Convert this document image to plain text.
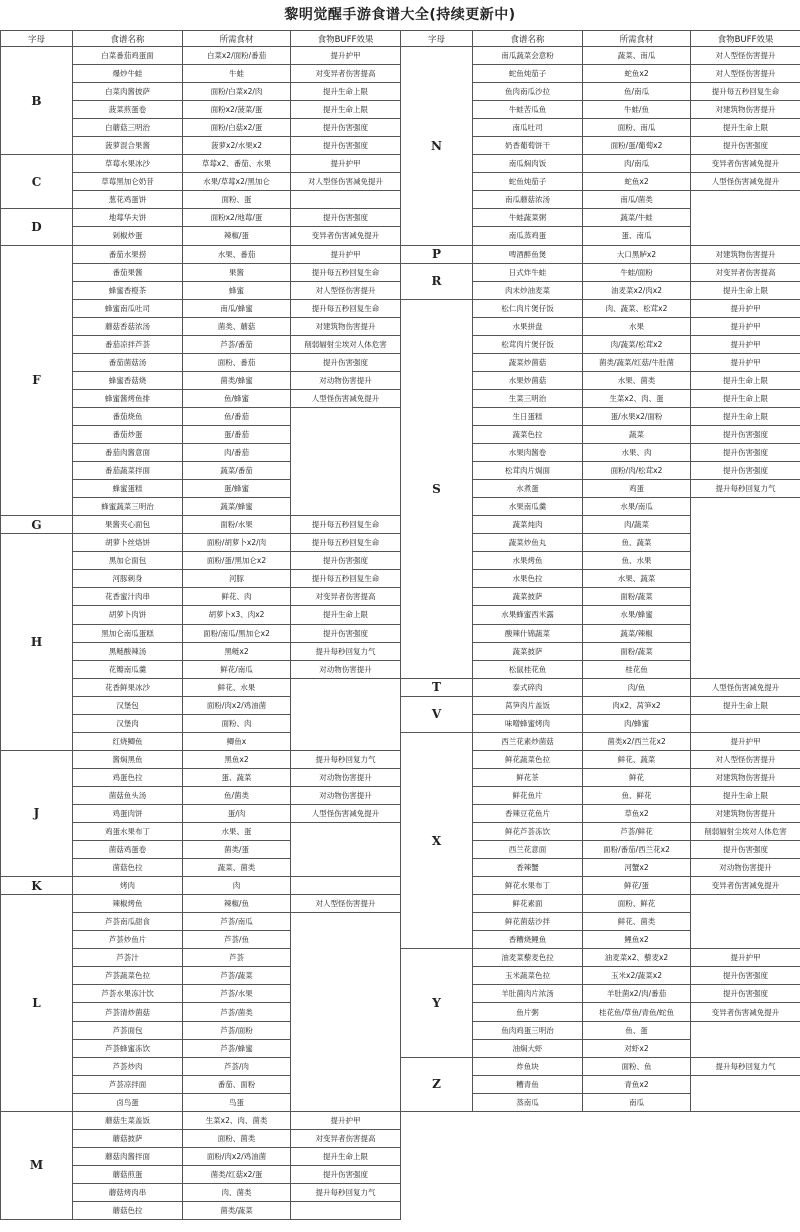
黎明觉醒手游食谱大全(持续更新中)
字母	食谱名称	所需食材	食物BUFF效果
B	白菜番茄鸡蛋面	白菜x2/面粉/番茄	提升护甲
	爆炒牛蛙	牛蛙	对变异者伤害提高
	白菜肉酱披萨	面粉/白菜x2/肉	提升生命上限
	菠菜煎蛋卷	面粉x2/菠菜/蛋	提升生命上限
	白蘑菇三明治	面粉/白菇x2/蛋	提升伤害强度
	菠萝混合果酱	菠萝x2/水果x2	提升伤害强度
C	草莓水果冰沙	草莓x2、番茄、水果	提升护甲
	草莓黑加仑奶昔	水果/草莓x2/黑加仑	对人型怪伤害减免提升
	葱花鸡蛋饼	面粉、蛋	
D	地莓华夫饼	面粉x2/地莓/蛋	提升伤害强度
	剁椒炒蛋	辣椒/蛋	变异者伤害减免提升
F	番茄水果捞	水果、番茄	提升护甲
	番茄果酱	果酱	提升每五秒回复生命
	蜂蜜香橙茶	蜂蜜	对人型怪伤害提升
	蜂蜜南瓜吐司	南瓜/蜂蜜	提升每五秒回复生命
	蘑菇香菇浓汤	菌类、蘑菇	对建筑物伤害提升
	番茄凉拌芦荟	芦荟/番茄	削弱辐射尘埃对人体危害
	番茄菌菇汤	面粉、番茄	提升伤害强度
	蜂蜜香菇烧	菌类/蜂蜜	对动物伤害提升
	蜂蜜酱烤鱼排	鱼/蜂蜜	人型怪伤害减免提升
	番茄烧鱼	鱼/番茄	
	番茄炒蛋	蛋/番茄	
	番茄肉酱意面	肉/番茄	
	番茄蔬菜拌面	蔬菜/番茄	
	蜂蜜蛋糕	蛋/蜂蜜	
	蜂蜜蔬菜三明治	蔬菜/蜂蜜	
G	果酱夹心面包	面粉/水果	提升每五秒回复生命
H	胡萝卜丝烙饼	面粉/胡萝卜x2/肉	提升每五秒回复生命
	黑加仑面包	面粉/蛋/黑加仑x2	提升伤害强度
	河豚刺身	河豚	提升每五秒回复生命
	花香蜜汁肉串	鲜花、肉	对变异者伤害提高
	胡萝卜肉饼	胡萝卜x3、肉x2	提升生命上限
	黑加仑南瓜蛋糕	面粉/南瓜/黑加仑x2	提升伤害强度
	黑鲢酸辣汤	黑鲢x2	提升每秒回复力气
	花瓣南瓜羹	鲜花/南瓜	对动物伤害提升
	花香鲜果冰沙	鲜花、水果	
	汉堡包	面粉/肉x2/鸡油菌	
	汉堡肉	面粉、肉	
	红烧鲫鱼	鲫鱼x	
J	酱焖黑鱼	黑鱼x2	提升每秒回复力气
	鸡蛋色拉	蛋、蔬菜	对动物伤害提升
	菌菇鱼头汤	鱼/菌类	对动物伤害提升
	鸡蛋肉饼	蛋/肉	人型怪伤害减免提升
	鸡蛋水果布丁	水果、蛋	
	菌菇鸡蛋卷	菌类/蛋	
	菌菇色拉	蔬菜、菌类	
K	烤肉	肉	
L	辣椒烤鱼	辣椒/鱼	对人型怪伤害提升
	芦荟南瓜甜食	芦荟/南瓜	
	芦荟炒鱼片	芦荟/鱼	
	芦荟汁	芦荟	
	芦荟蔬菜色拉	芦荟/蔬菜	
	芦荟水果冻汁饮	芦荟/水果	
	芦荟清炒菌菇	芦荟/菌类	
	芦荟面包	芦荟/面粉	
	芦荟蜂蜜冻饮	芦荟/蜂蜜	
	芦荟炒肉	芦荟/肉	
	芦荟凉拌面	番茄、面粉	
	卤鸟蛋	鸟蛋	
M	蘑菇生菜盖饭	生菜x2、肉、菌类	提升护甲
	蘑菇披萨	面粉、菌类	对变异者伤害提高
	蘑菇肉酱拌面	面粉/肉x2/鸡油菌	提升生命上限
	蘑菇煎蛋	菌类/红菇x2/蛋	提升伤害强度
	蘑菇烤肉串	肉、菌类	提升每秒回复力气
	蘑菇色拉	菌类/蔬菜	
字母	食谱名称	所需食材	食物BUFF效果
N	南瓜蔬菜会意粉	蔬菜、南瓜	对人型怪伤害提升
	蛇鱼炖茄子	蛇鱼x2	对人型怪伤害提升
	鱼肉南瓜沙拉	鱼/南瓜	提升每五秒回复生命
	牛蛙苦瓜鱼	牛蛙/鱼	对建筑物伤害提升
	南瓜吐司	面粉、南瓜	提升生命上限
	奶香葡萄饼干	面粉/蛋/葡萄x2	提升伤害强度
	南瓜焖肉饭	肉/南瓜	变异者伤害减免提升
	蛇鱼炖茄子	蛇鱼x2	人型怪伤害减免提升
	南瓜蘑菇浓汤	南瓜/菌类	
	牛蛙蔬菜粥	蔬菜/牛蛙	
	南瓜蒸鸡蛋	蛋、南瓜	
P	啤酒醉鱼煲	大口黑鲈x2	对建筑物伤害提升
R	日式炸牛蛙	牛蛙/面粉	对变异者伤害提高
	肉末炒油麦菜	油麦菜x2/肉x2	提升生命上限
S	松仁肉片煲仔饭	肉、蔬菜、松茸x2	提升护甲
	水果拼盘	水果	提升护甲
	松茸肉片煲仔饭	肉/蔬菜/松茸x2	提升护甲
	蔬菜炒菌菇	菌类/蔬菜/红菇/牛肚菌	提升护甲
	水果炒菌菇	水果、菌类	提升生命上限
	生菜三明治	生菜x2、肉、蛋	提升生命上限
	生日蛋糕	蛋/水果x2/面粉	提升生命上限
	蔬菜色拉	蔬菜	提升伤害强度
	水果肉酱卷	水果、肉	提升伤害强度
	松茸肉片焗面	面粉/肉/松茸x2	提升伤害强度
	水煮蛋	鸡蛋	提升每秒回复力气
	水果南瓜羹	水果/南瓜	
	蔬菜炖肉	肉/蔬菜	
	蔬菜炒鱼丸	鱼、蔬菜	
	水果烤鱼	鱼、水果	
	水果色拉	水果、蔬菜	
	蔬菜披萨	面粉/蔬菜	
	水果蜂蜜西米露	水果/蜂蜜	
	酸辣什锦蔬菜	蔬菜/辣椒	
	蔬菜披萨	面粉/蔬菜	
	松鼠桂花鱼	桂花鱼	
T	泰式碎肉	肉/鱼	人型怪伤害减免提升
V	莴笋肉片盖饭	肉x2、莴笋x2	提升生命上限
	味噌蜂蜜烤肉	肉/蜂蜜	
X	西兰花素炒菌菇	菌类x2/西兰花x2	提升护甲
	鲜花蔬菜色拉	鲜花、蔬菜	对人型怪伤害提升
	鲜花茶	鲜花	对建筑物伤害提升
	鲜花鱼片	鱼、鲜花	提升生命上限
	香辣豆花鱼片	草鱼x2	对建筑物伤害提升
	鲜花芦荟冻饮	芦荟/鲜花	削弱辐射尘埃对人体危害
	西兰花意面	面粉/番茄/西兰花x2	提升伤害强度
	香辣蟹	河蟹x2	对动物伤害提升
	鲜花水果布丁	鲜花/蛋	变异者伤害减免提升
	鲜花素面	面粉、鲜花	
	鲜花菌菇沙拌	鲜花、菌类	
	香糟烧鲤鱼	鲤鱼x2	
Y	油麦菜藜麦色拉	油麦菜x2、藜麦x2	提升护甲
	玉米蔬菜色拉	玉米x2/蔬菜x2	提升伤害强度
	羊肚菌肉片浓汤	羊肚菌x2/肉/番茄	提升伤害强度
	鱼片粥	桂花鱼/草鱼/青鱼/蛇鱼	变异者伤害减免提升
	鱼肉鸡蛋三明治	鱼、蛋	
	油焖大虾	对虾x2	
Z	炸鱼块	面粉、鱼	提升每秒回复力气
	糟青鱼	青鱼x2	
	蒸南瓜	南瓜	
